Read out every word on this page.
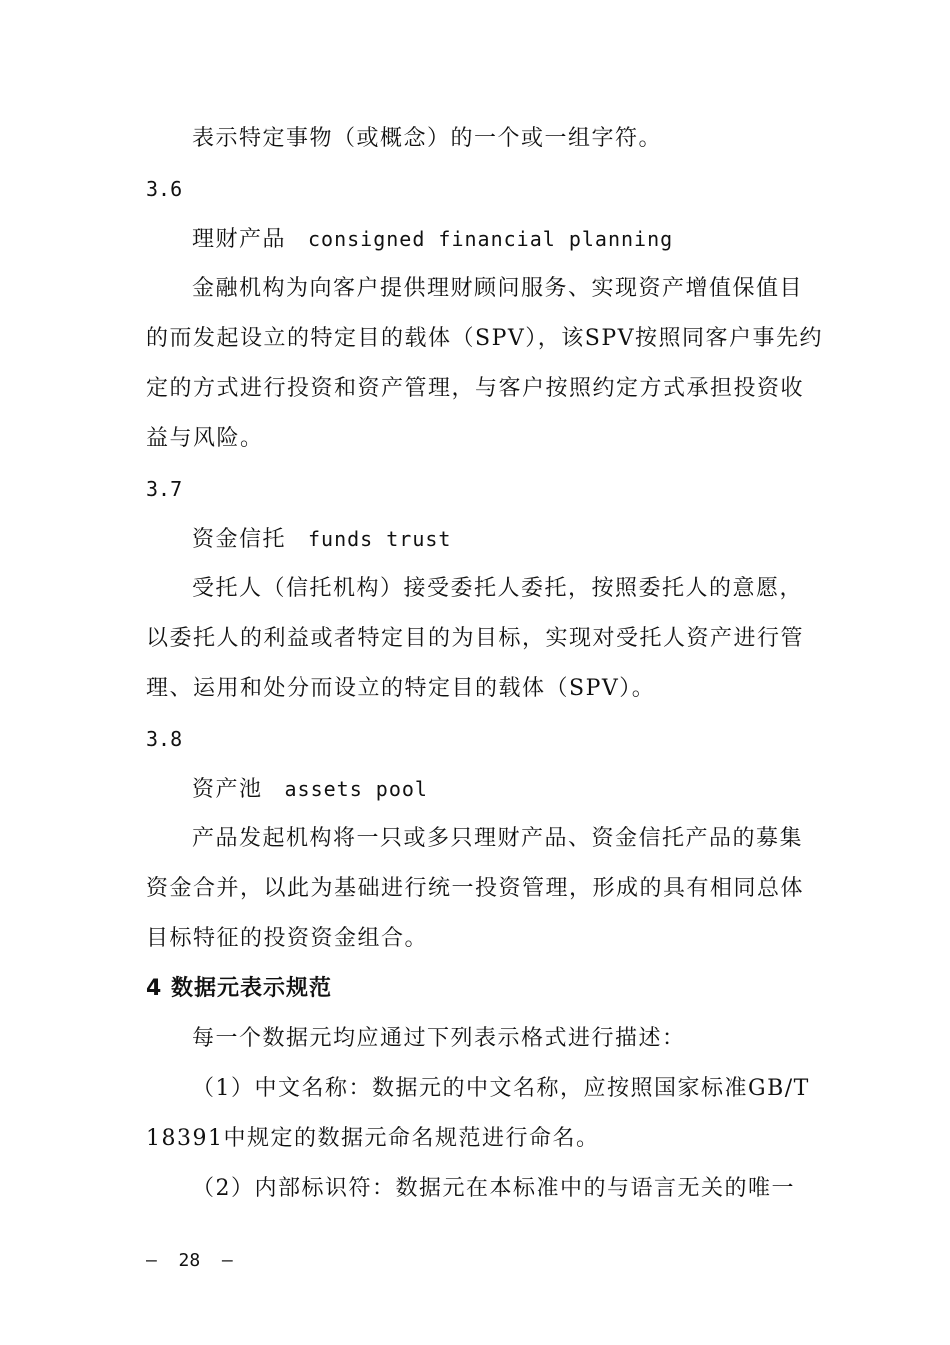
表示特定事物（或概念）的一个或一组字符。
3.6
理财产品 consigned financial planning
金融机构为向客户提供理财顾问服务、实现资产增值保值目
的而发起设立的特定目的载体（SPV），该SPV按照同客户事先约
定的方式进行投资和资产管理，与客户按照约定方式承担投资收
益与风险。
3.7
资金信托 funds trust
受托人（信托机构）接受委托人委托，按照委托人的意愿，
以委托人的利益或者特定目的为目标，实现对受托人资产进行管
理、运用和处分而设立的特定目的载体（SPV）。
3.8
资产池 assets pool
产品发起机构将一只或多只理财产品、资金信托产品的募集
资金合并，以此为基础进行统一投资管理，形成的具有相同总体
目标特征的投资资金组合。
4 数据元表示规范
每一个数据元均应通过下列表示格式进行描述：
（1）中文名称：数据元的中文名称，应按照国家标准GB/T
18391中规定的数据元命名规范进行命名。
（2）内部标识符：数据元在本标准中的与语言无关的唯一
—  28  —
